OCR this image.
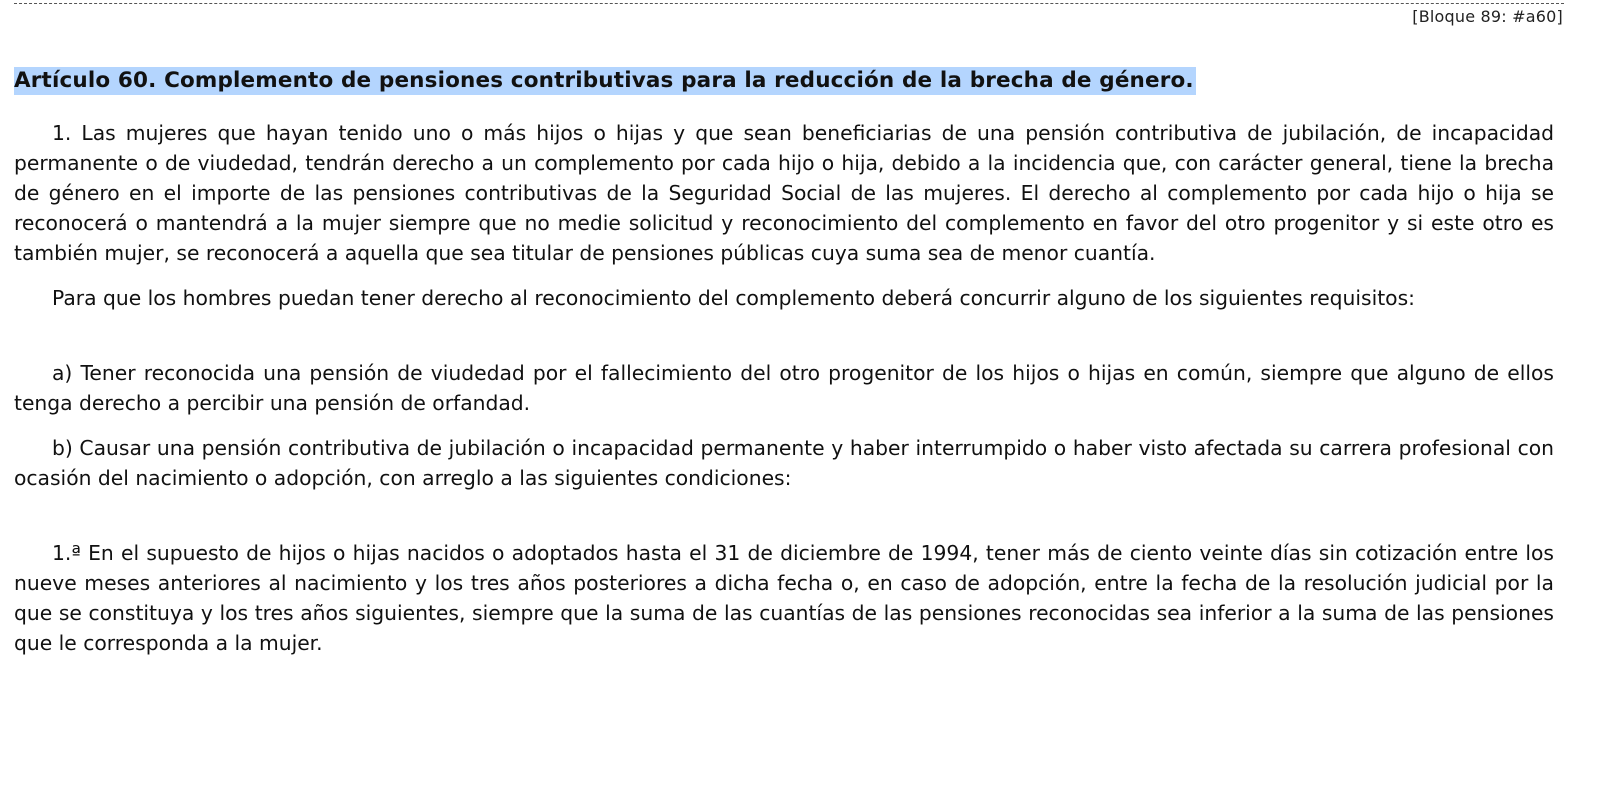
[Bloque 89: #a60]
Artículo 60. Complemento de pensiones contributivas para la reducción de la brecha de género.

1. Las mujeres que hayan tenido uno o más hijos o hijas y que sean beneficiarias de una pensión contributiva de jubilación, de incapacidad permanente o de viudedad, tendrán derecho a un complemento por cada hijo o hija, debido a la incidencia que, con carácter general, tiene la brecha de género en el importe de las pensiones contributivas de la Seguridad Social de las mujeres. El derecho al complemento por cada hijo o hija se reconocerá o mantendrá a la mujer siempre que no medie solicitud y reconocimiento del complemento en favor del otro progenitor y si este otro es también mujer, se reconocerá a aquella que sea titular de pensiones públicas cuya suma sea de menor cuantía.

Para que los hombres puedan tener derecho al reconocimiento del complemento deberá concurrir alguno de los siguientes requisitos:

a) Tener reconocida una pensión de viudedad por el fallecimiento del otro progenitor de los hijos o hijas en común, siempre que alguno de ellos tenga derecho a percibir una pensión de orfandad.

b) Causar una pensión contributiva de jubilación o incapacidad permanente y haber interrumpido o haber visto afectada su carrera profesional con ocasión del nacimiento o adopción, con arreglo a las siguientes condiciones:

1.ª En el supuesto de hijos o hijas nacidos o adoptados hasta el 31 de diciembre de 1994, tener más de ciento veinte días sin cotización entre los nueve meses anteriores al nacimiento y los tres años posteriores a dicha fecha o, en caso de adopción, entre la fecha de la resolución judicial por la que se constituya y los tres años siguientes, siempre que la suma de las cuantías de las pensiones reconocidas sea inferior a la suma de las pensiones que le corresponda a la mujer.
